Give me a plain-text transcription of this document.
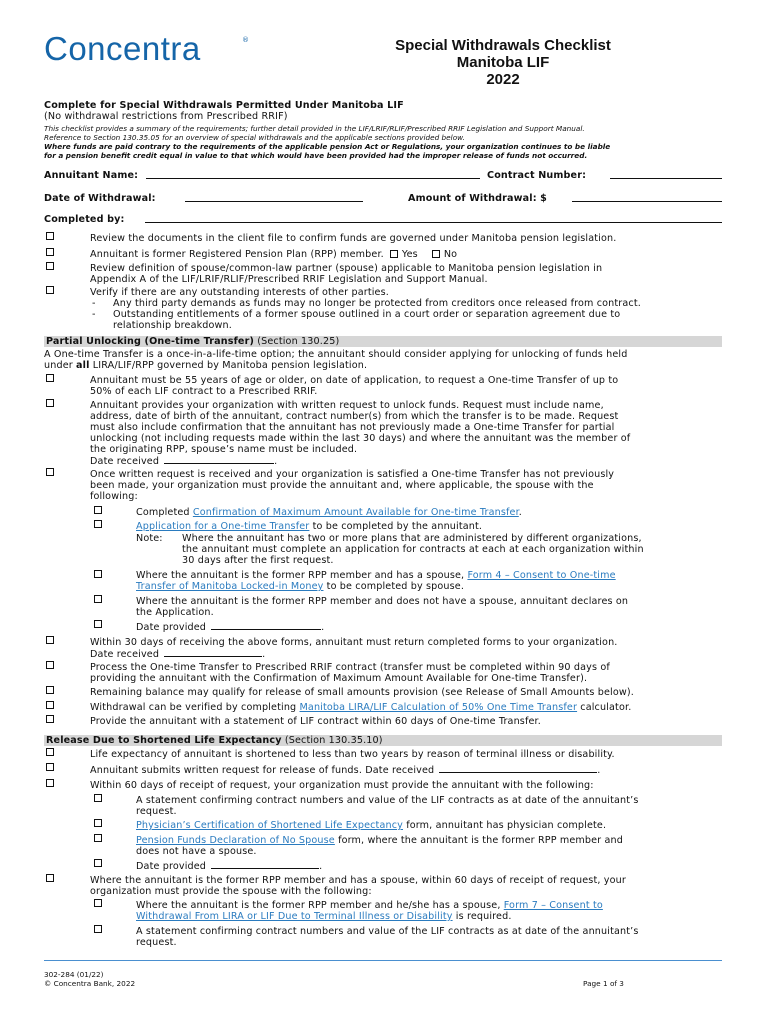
Concentra	®	Special Withdrawals Checklist
Manitoba LIF
2022
Complete for Special Withdrawals Permitted Under Manitoba LIF
(No withdrawal restrictions from Prescribed RRIF)
This checklist provides a summary of the requirements; further detail provided in the LIF/LRIF/RLIF/Prescribed RRIF Legislation and Support Manual.
Reference to Section 130.35.05 for an overview of special withdrawals and the applicable sections provided below.
Where funds are paid contrary to the requirements of the applicable pension Act or Regulations, your organization continues to be liable
for a pension benefit credit equal in value to that which would have been provided had the improper release of funds not occurred.
Annuitant Name:	Contract Number:
Date of Withdrawal:	Amount of Withdrawal: $
Completed by:
Review the documents in the client file to confirm funds are governed under Manitoba pension legislation.
Annuitant is former Registered Pension Plan (RPP) member. Yes	No
Review definition of spouse/common-law partner (spouse) applicable to Manitoba pension legislation in
Appendix A of the LIF/LRIF/RLIF/Prescribed RRIF Legislation and Support Manual.
Verify if there are any outstanding interests of other parties.
- Any third party demands as funds may no longer be protected from creditors once released from contract.
- Outstanding entitlements of a former spouse outlined in a court order or separation agreement due to
relationship breakdown.
Partial Unlocking (One-time Transfer) (Section 130.25)
A One-time Transfer is a once-in-a-life-time option; the annuitant should consider applying for unlocking of funds held
under all LIRA/LIF/RPP governed by Manitoba pension legislation.
Annuitant must be 55 years of age or older, on date of application, to request a One-time Transfer of up to
50% of each LIF contract to a Prescribed RRIF.
Annuitant provides your organization with written request to unlock funds. Request must include name,
address, date of birth of the annuitant, contract number(s) from which the transfer is to be made. Request
must also include confirmation that the annuitant has not previously made a One-time Transfer for partial
unlocking (not including requests made within the last 30 days) and where the annuitant was the member of
the originating RPP, spouse’s name must be included.
Date received	.
Once written request is received and your organization is satisfied a One-time Transfer has not previously
been made, your organization must provide the annuitant and, where applicable, the spouse with the
following:
Completed Confirmation of Maximum Amount Available for One-time Transfer.
Application for a One-time Transfer to be completed by the annuitant.
Note: Where the annuitant has two or more plans that are administered by different organizations,
the annuitant must complete an application for contracts at each at each organization within
30 days after the first request.
Where the annuitant is the former RPP member and has a spouse, Form 4 – Consent to One-time
Transfer of Manitoba Locked-in Money to be completed by spouse.
Where the annuitant is the former RPP member and does not have a spouse, annuitant declares on
the Application.
Date provided	.
Within 30 days of receiving the above forms, annuitant must return completed forms to your organization.
Date received	.
Process the One-time Transfer to Prescribed RRIF contract (transfer must be completed within 90 days of
providing the annuitant with the Confirmation of Maximum Amount Available for One-time Transfer).
Remaining balance may qualify for release of small amounts provision (see Release of Small Amounts below).
Withdrawal can be verified by completing Manitoba LIRA/LIF Calculation of 50% One Time Transfer calculator.
Provide the annuitant with a statement of LIF contract within 60 days of One-time Transfer.
Release Due to Shortened Life Expectancy (Section 130.35.10)
Life expectancy of annuitant is shortened to less than two years by reason of terminal illness or disability.
Annuitant submits written request for release of funds. Date received	.
Within 60 days of receipt of request, your organization must provide the annuitant with the following:
A statement confirming contract numbers and value of the LIF contracts as at date of the annuitant’s
request.
Physician’s Certification of Shortened Life Expectancy form, annuitant has physician complete.
Pension Funds Declaration of No Spouse form, where the annuitant is the former RPP member and
does not have a spouse.
Date provided	.
Where the annuitant is the former RPP member and has a spouse, within 60 days of receipt of request, your
organization must provide the spouse with the following:
Where the annuitant is the former RPP member and he/she has a spouse, Form 7 – Consent to
Withdrawal From LIRA or LIF Due to Terminal Illness or Disability is required.
A statement confirming contract numbers and value of the LIF contracts as at date of the annuitant’s
request.
302-284 (01/22)
© Concentra Bank, 2022	Page 1 of 3
